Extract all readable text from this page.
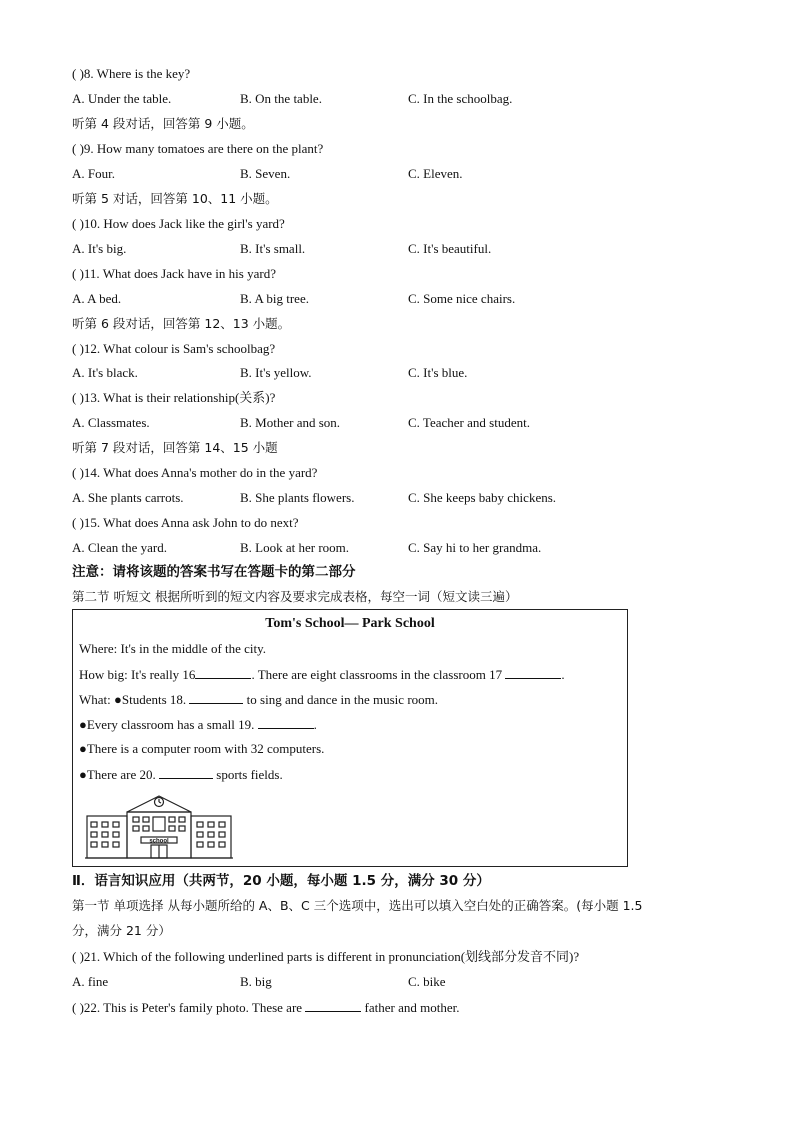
( )8. Where is the key?
A. Under the table.	B. On the table.	C. In the schoolbag.
听第 4 段对话，回答第 9 小题。
( )9. How many tomatoes are there on the plant?
A. Four.	B. Seven.	C. Eleven.
听第 5 对话，回答第 10、11 小题。
( )10. How does Jack like the girl's yard?
A. It's big.	B. It's small.	C. It's beautiful.
( )11. What does Jack have in his yard?
A. A bed.	B. A big tree.	C. Some nice chairs.
听第 6 段对话，回答第 12、13 小题。
( )12. What colour is Sam's schoolbag?
A. It's black.	B. It's yellow.	C. It's blue.
( )13. What is their relationship(关系)?
A. Classmates.	B. Mother and son.	C. Teacher and student.
听第 7 段对话，回答第 14、15 小题
( )14. What does Anna's mother do in the yard?
A. She plants carrots.	B. She plants flowers.	C. She keeps baby chickens.
( )15. What does Anna ask John to do next?
A. Clean the yard.	B. Look at her room.	C. Say hi to her grandma.
注意：请将该题的答案书写在答题卡的第二部分
第二节 听短文 根据所听到的短文内容及要求完成表格，每空一词（短文读三遍）
Tom's School— Park School
Where: It's in the middle of the city.
How big: It's really 16	. There are eight classrooms in the classroom 17	.
What: ●Students 18.	to sing and dance in the music room.
●Every classroom has a small 19.	.
●There is a computer room with 32 computers.
●There are 20.	sports fields.
school
Ⅱ．语言知识应用（共两节，20 小题，每小题 1.5 分，满分 30 分）
第一节 单项选择 从每小题所给的 A、B、C 三个选项中，选出可以填入空白处的正确答案。(每小题 1.5
分，满分 21 分）
( )21. Which of the following underlined parts is different in pronunciation(划线部分发音不同)?
A. fine	B. big	C. bike
( )22. This is Peter's family photo. These are	father and mother.
